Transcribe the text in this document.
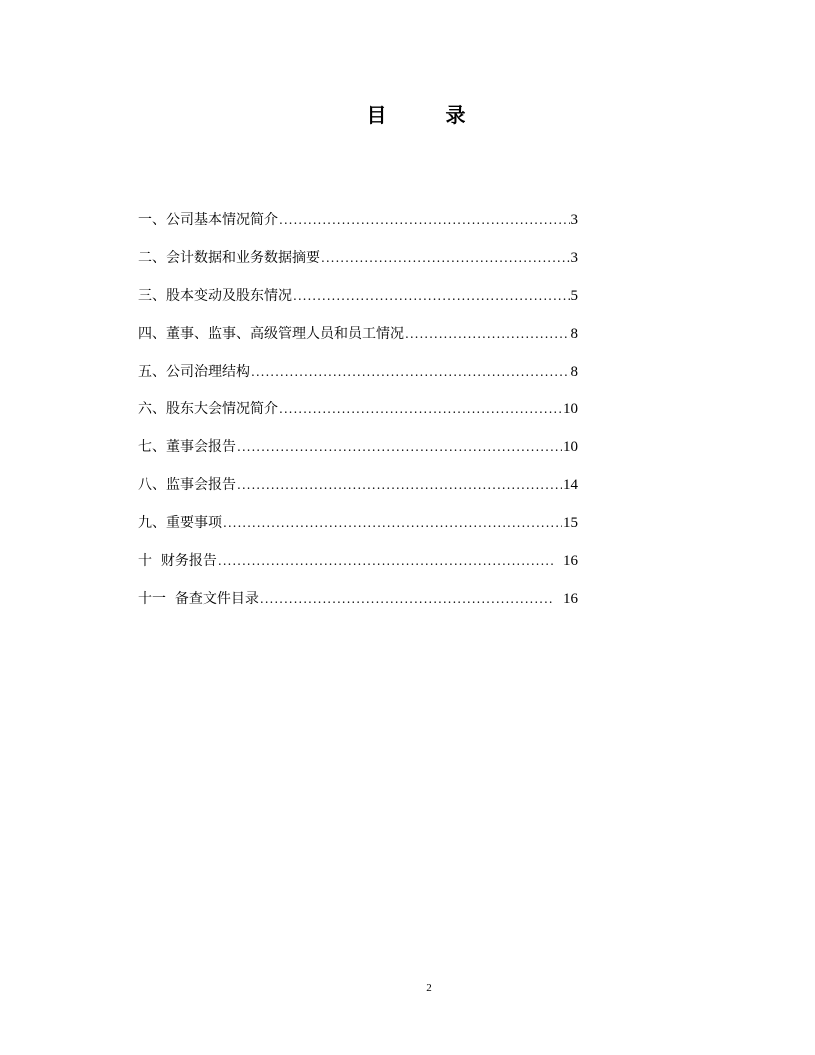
目 录
一、公司基本情况简介 .....	3
二、会计数据和业务数据摘要 .....	3
三、股本变动及股东情况 .....	5
四、董事、监事、高级管理人员和员工情况 .....	8
五、公司治理结构 .....	8
六、股东大会情况简介 .....	10
七、董事会报告 .....	10
八、监事会报告 .....	14
九、重要事项 .....	15
十  财务报告 .....	16
十一  备查文件目录 .....	16
2
